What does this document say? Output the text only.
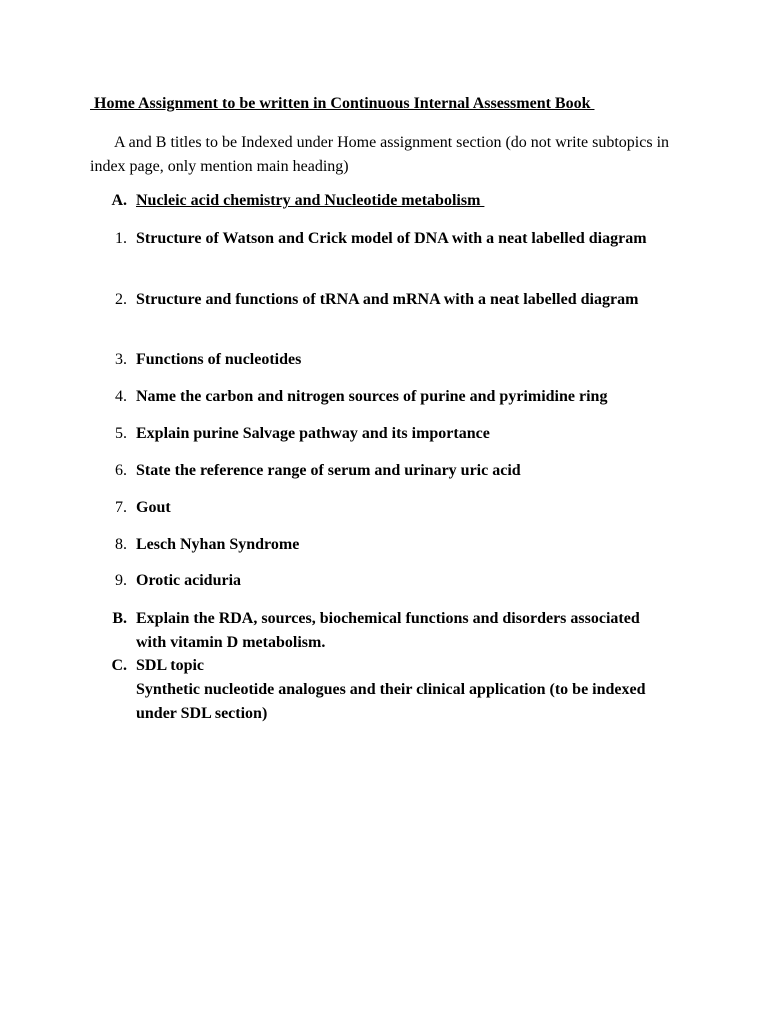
Home Assignment to be written in Continuous Internal Assessment Book

A and B titles to be Indexed under Home assignment section (do not write subtopics in index page, only mention main heading)

A. Nucleic acid chemistry and Nucleotide metabolism
1. Structure of Watson and Crick model of DNA with a neat labelled diagram
2. Structure and functions of tRNA and mRNA with a neat labelled diagram
3. Functions of nucleotides
4. Name the carbon and nitrogen sources of purine and pyrimidine ring
5. Explain purine Salvage pathway and its importance
6. State the reference range of serum and urinary uric acid
7. Gout
8. Lesch Nyhan Syndrome
9. Orotic aciduria
B. Explain the RDA, sources, biochemical functions and disorders associated with vitamin D metabolism.
C. SDL topic
Synthetic nucleotide analogues and their clinical application (to be indexed under SDL section)
